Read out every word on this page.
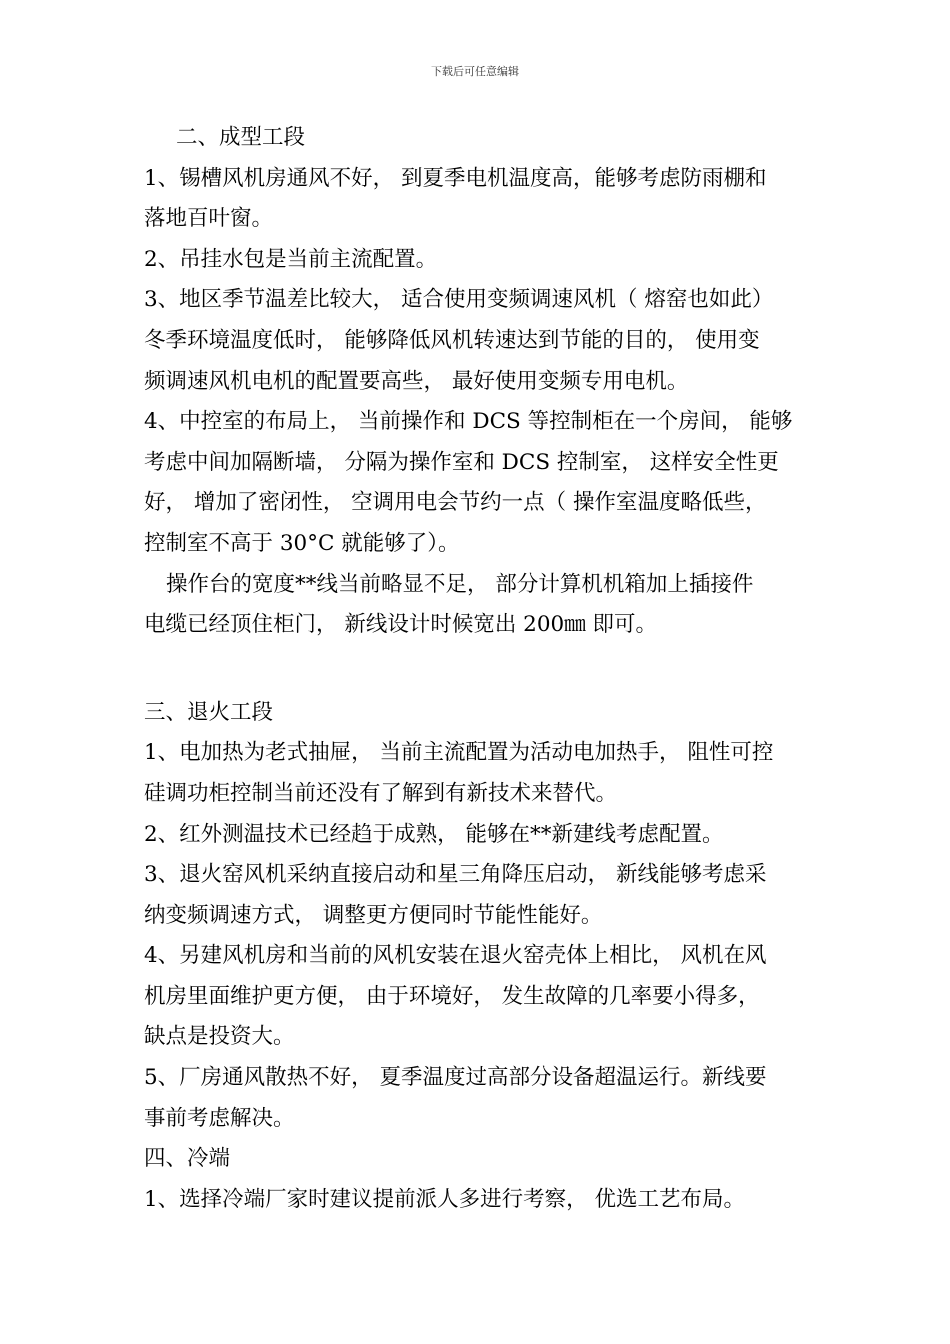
下载后可任意编辑
二、成型工段
1、锡槽风机房通风不好， 到夏季电机温度高，能够考虑防雨棚和
落地百叶窗。
2、吊挂水包是当前主流配置。
3、地区季节温差比较大， 适合使用变频调速风机（ 熔窑也如此）
冬季环境温度低时， 能够降低风机转速达到节能的目的， 使用变
频调速风机电机的配置要高些， 最好使用变频专用电机。
4、中控室的布局上， 当前操作和 DCS 等控制柜在一个房间， 能够
考虑中间加隔断墙， 分隔为操作室和 DCS 控制室， 这样安全性更
好， 增加了密闭性， 空调用电会节约一点（ 操作室温度略低些，
控制室不高于 30°C 就能够了）。
操作台的宽度**线当前略显不足， 部分计算机机箱加上插接件
电缆已经顶住柜门， 新线设计时候宽出 200㎜ 即可。
三、退火工段
1、电加热为老式抽屉， 当前主流配置为活动电加热手， 阻性可控
硅调功柜控制当前还没有了解到有新技术来替代。
2、红外测温技术已经趋于成熟， 能够在**新建线考虑配置。
3、退火窑风机采纳直接启动和星三角降压启动， 新线能够考虑采
纳变频调速方式， 调整更方便同时节能性能好。
4、另建风机房和当前的风机安装在退火窑壳体上相比， 风机在风
机房里面维护更方便， 由于环境好， 发生故障的几率要小得多，
缺点是投资大。
5、厂房通风散热不好， 夏季温度过高部分设备超温运行。新线要
事前考虑解决。
四、冷端
1、选择冷端厂家时建议提前派人多进行考察， 优选工艺布局。
